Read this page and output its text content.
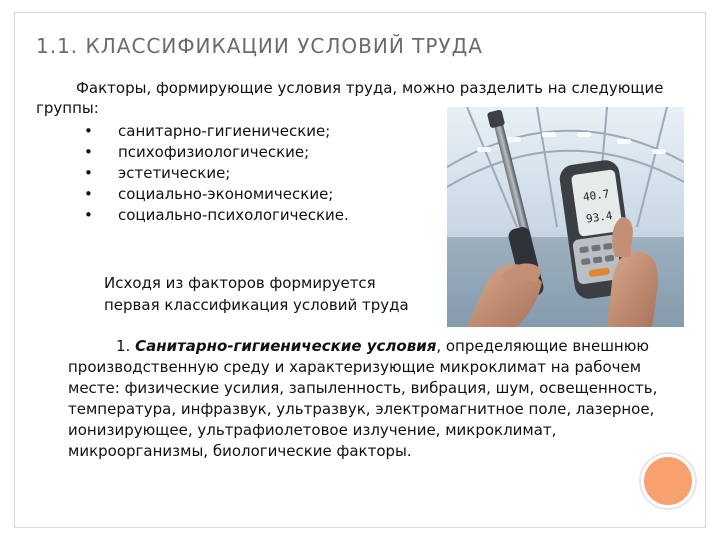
1.1. КЛАССИФИКАЦИИ УСЛОВИЙ ТРУДА
Факторы, формирующие условия труда, можно разделить на следующие группы:
• санитарно-гигиенические;
• психофизиологические;
• эстетические;
• социально-экономические;
• социально-психологические.
40.7
93.4
Исходя из факторов формируется
первая классификация условий труда
1. Санитарно-гигиенические условия, определяющие внешнюю производственную среду и характеризующие микроклимат на рабочем месте: физические усилия, запыленность, вибрация, шум, освещенность, температура, инфразвук, ультразвук, электромагнитное поле, лазерное, ионизирующее, ультрафиолетовое излучение, микроклимат, микроорганизмы, биологические факторы.
